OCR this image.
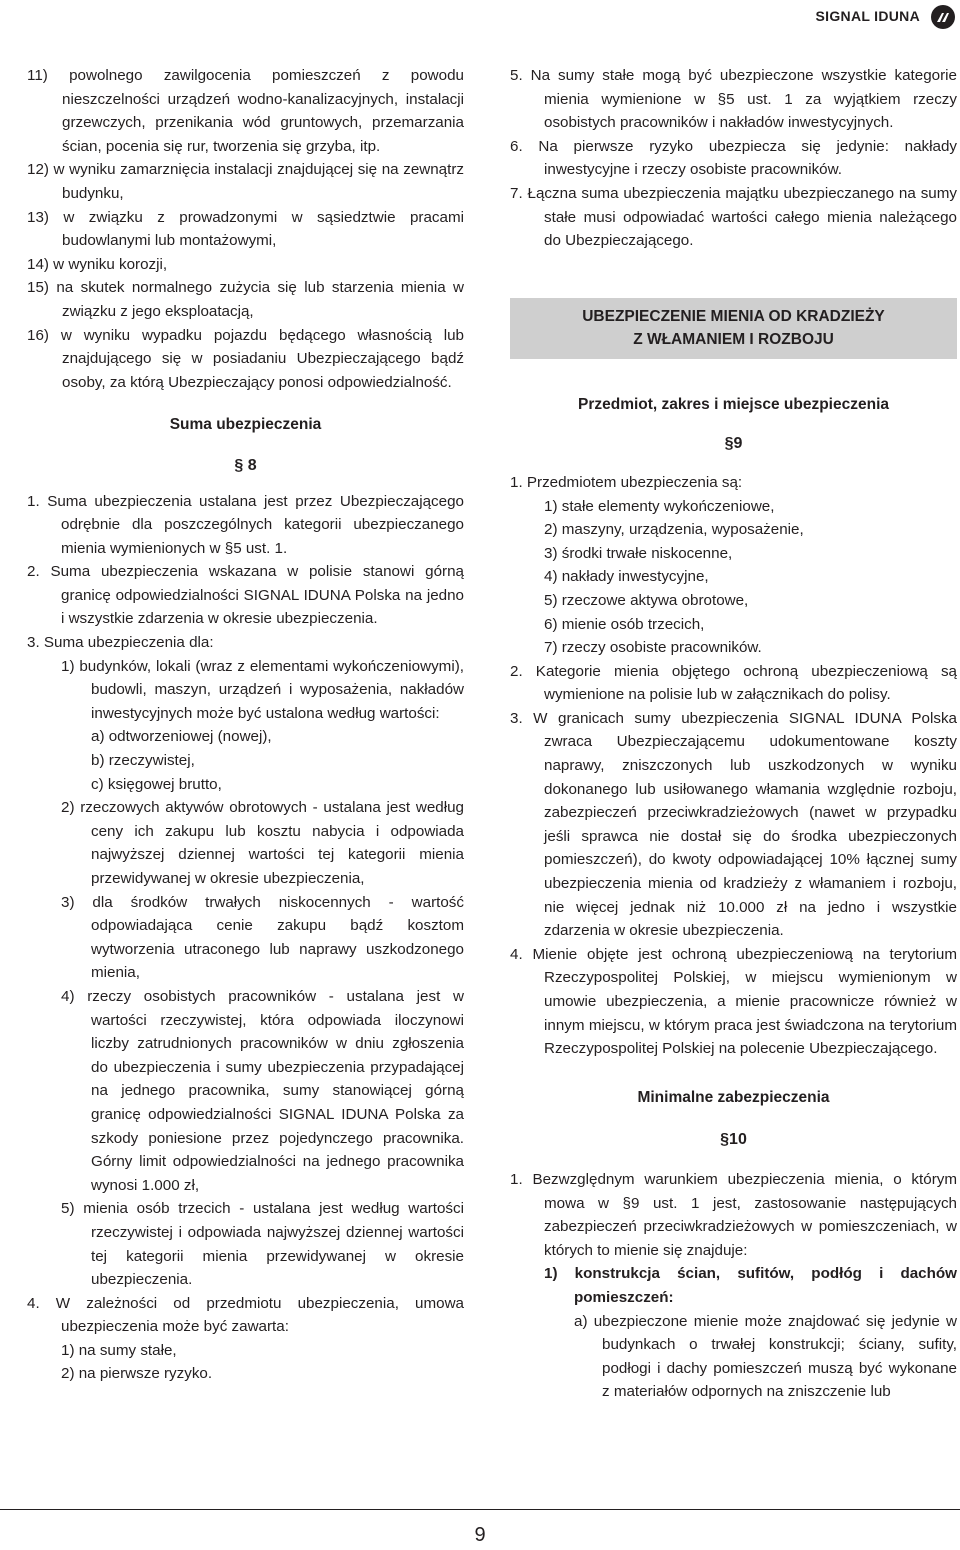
SIGNAL IDUNA
11) powolnego zawilgocenia pomieszczeń z powodu nieszczelności urządzeń wodno-kanalizacyjnych, instalacji grzewczych, przenikania wód gruntowych, przemarzania ścian, pocenia się rur, tworzenia się grzyba, itp.
12) w wyniku zamarznięcia instalacji znajdującej się na zewnątrz budynku,
13) w związku z prowadzonymi w sąsiedztwie pracami budowlanymi lub montażowymi,
14) w wyniku korozji,
15) na skutek normalnego zużycia się lub starzenia mienia w związku z jego eksploatacją,
16) w wyniku wypadku pojazdu będącego własnością lub znajdującego się w posiadaniu Ubezpieczającego bądź osoby, za którą Ubezpieczający ponosi odpowiedzialność.
Suma ubezpieczenia
§ 8
1. Suma ubezpieczenia ustalana jest przez Ubezpieczającego odrębnie dla poszczególnych kategorii ubezpieczanego mienia wymienionych w §5 ust. 1.
2. Suma ubezpieczenia wskazana w polisie stanowi górną granicę odpowiedzialności SIGNAL IDUNA Polska na jedno i wszystkie zdarzenia w okresie ubezpieczenia.
3. Suma ubezpieczenia dla:
1) budynków, lokali (wraz z elementami wykończeniowymi), budowli, maszyn, urządzeń i wyposażenia, nakładów inwestycyjnych może być ustalona według wartości:
a) odtworzeniowej (nowej),
b) rzeczywistej,
c) księgowej brutto,
2) rzeczowych aktywów obrotowych - ustalana jest według ceny ich zakupu lub kosztu nabycia i odpowiada najwyższej dziennej wartości tej kategorii mienia przewidywanej w okresie ubezpieczenia,
3) dla środków trwałych niskocennych - wartość odpowiadająca cenie zakupu bądź kosztom wytworzenia utraconego lub naprawy uszkodzonego mienia,
4) rzeczy osobistych pracowników - ustalana jest w wartości rzeczywistej, która odpowiada iloczynowi liczby zatrudnionych pracowników w dniu zgłoszenia do ubezpieczenia i sumy ubezpieczenia przypadającej na jednego pracownika, sumy stanowiącej górną granicę odpowiedzialności SIGNAL IDUNA Polska za szkody poniesione przez pojedynczego pracownika. Górny limit odpowiedzialności na jednego pracownika wynosi 1.000 zł,
5) mienia osób trzecich - ustalana jest według wartości rzeczywistej i odpowiada najwyższej dziennej wartości tej kategorii mienia przewidywanej w okresie ubezpieczenia.
4. W zależności od przedmiotu ubezpieczenia, umowa ubezpieczenia może być zawarta:
1) na sumy stałe,
2) na pierwsze ryzyko.
5. Na sumy stałe mogą być ubezpieczone wszystkie kategorie mienia wymienione w §5 ust. 1 za wyjątkiem rzeczy osobistych pracowników i nakładów inwestycyjnych.
6. Na pierwsze ryzyko ubezpiecza się jedynie: nakłady inwestycyjne i rzeczy osobiste pracowników.
7. Łączna suma ubezpieczenia majątku ubezpieczanego na sumy stałe musi odpowiadać wartości całego mienia należącego do Ubezpieczającego.
UBEZPIECZENIE MIENIA OD KRADZIEŻY
Z WŁAMANIEM I ROZBOJU
Przedmiot, zakres i miejsce ubezpieczenia
§9
1. Przedmiotem ubezpieczenia są:
1) stałe elementy wykończeniowe,
2) maszyny, urządzenia, wyposażenie,
3) środki trwałe niskocenne,
4) nakłady inwestycyjne,
5) rzeczowe aktywa obrotowe,
6) mienie osób trzecich,
7) rzeczy osobiste pracowników.
2. Kategorie mienia objętego ochroną ubezpieczeniową są wymienione na polisie lub w załącznikach do polisy.
3. W granicach sumy ubezpieczenia SIGNAL IDUNA Polska zwraca Ubezpieczającemu udokumentowane koszty naprawy, zniszczonych lub uszkodzonych w wyniku dokonanego lub usiłowanego włamania względnie rozboju, zabezpieczeń przeciwkradzieżowych (nawet w przypadku jeśli sprawca nie dostał się do środka ubezpieczonych pomieszczeń), do kwoty odpowiadającej 10% łącznej sumy ubezpieczenia mienia od kradzieży z włamaniem i rozboju, nie więcej jednak niż 10.000 zł na jedno i wszystkie zdarzenia w okresie ubezpieczenia.
4. Mienie objęte jest ochroną ubezpieczeniową na terytorium Rzeczypospolitej Polskiej, w miejscu wymienionym w umowie ubezpieczenia, a mienie pracownicze również w innym miejscu, w którym praca jest świadczona na terytorium Rzeczypospolitej Polskiej na polecenie Ubezpieczającego.
Minimalne zabezpieczenia
§10
1. Bezwzględnym warunkiem ubezpieczenia mienia, o którym mowa w §9 ust. 1 jest, zastosowanie następujących zabezpieczeń przeciwkradzieżowych w pomieszczeniach, w których to mienie się znajduje:
1) konstrukcja ścian, sufitów, podłóg i dachów pomieszczeń:
a) ubezpieczone mienie może znajdować się jedynie w budynkach o trwałej konstrukcji; ściany, sufity, podłogi i dachy pomieszczeń muszą być wykonane z materiałów odpornych na zniszczenie lub
9
